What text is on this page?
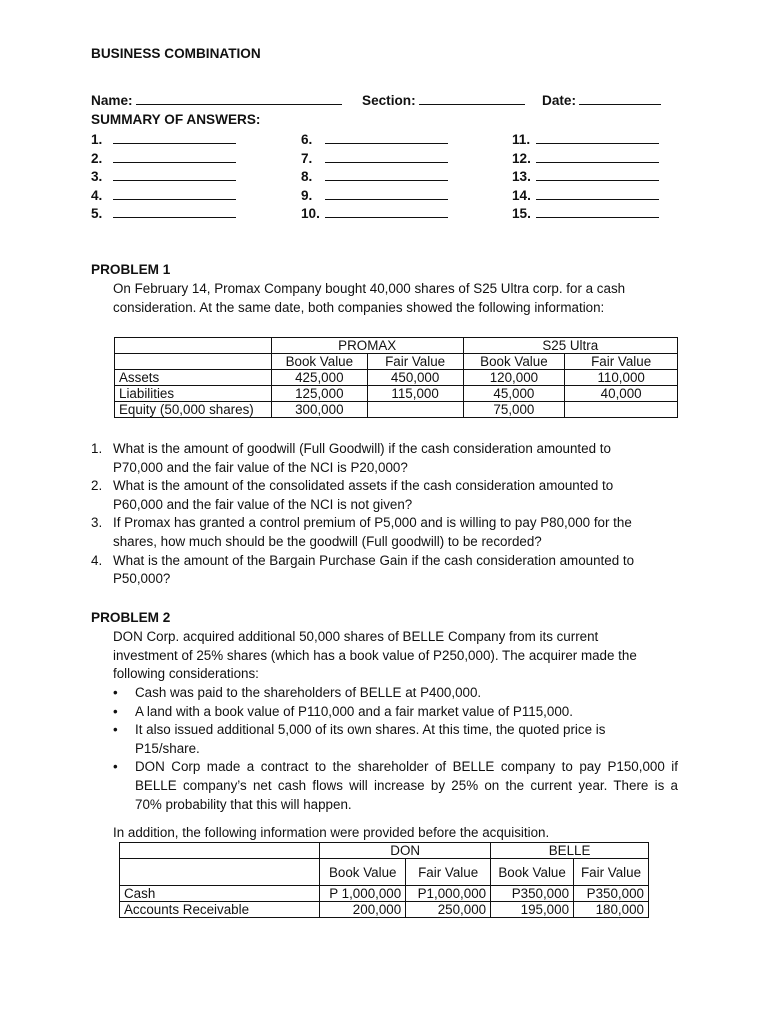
BUSINESS COMBINATION
Name:	Section:	Date:
SUMMARY OF ANSWERS:
1.
2.
3.
4.
5.
6.
7.
8.
9.
10.
11.
12.
13.
14.
15.
PROBLEM 1
On February 14, Promax Company bought 40,000 shares of S25 Ultra corp. for a cash
consideration. At the same date, both companies showed the following information:
	PROMAX		S25 Ultra	
	Book Value	Fair Value	Book Value	Fair Value
Assets	425,000	450,000	120,000	110,000
Liabilities	125,000	115,000	45,000	40,000
Equity (50,000 shares)	300,000		75,000	
1. What is the amount of goodwill (Full Goodwill) if the cash consideration amounted to
P70,000 and the fair value of the NCI is P20,000?
2. What is the amount of the consolidated assets if the cash consideration amounted to
P60,000 and the fair value of the NCI is not given?
3. If Promax has granted a control premium of P5,000 and is willing to pay P80,000 for the
shares, how much should be the goodwill (Full goodwill) to be recorded?
4. What is the amount of the Bargain Purchase Gain if the cash consideration amounted to
P50,000?
PROBLEM 2
DON Corp. acquired additional 50,000 shares of BELLE Company from its current
investment of 25% shares (which has a book value of P250,000). The acquirer made the
following considerations:
• Cash was paid to the shareholders of BELLE at P400,000.
• A land with a book value of P110,000 and a fair market value of P115,000.
• It also issued additional 5,000 of its own shares. At this time, the quoted price is
P15/share.
• DON Corp made a contract to the shareholder of BELLE company to pay P150,000 if
BELLE company’s net cash flows will increase by 25% on the current year. There is a
70% probability that this will happen.
In addition, the following information were provided before the acquisition.
	DON		BELLE	
	Book Value	Fair Value	Book Value	Fair Value
Cash	P 1,000,000	P1,000,000	P350,000	P350,000
Accounts Receivable	200,000	250,000	195,000	180,000
